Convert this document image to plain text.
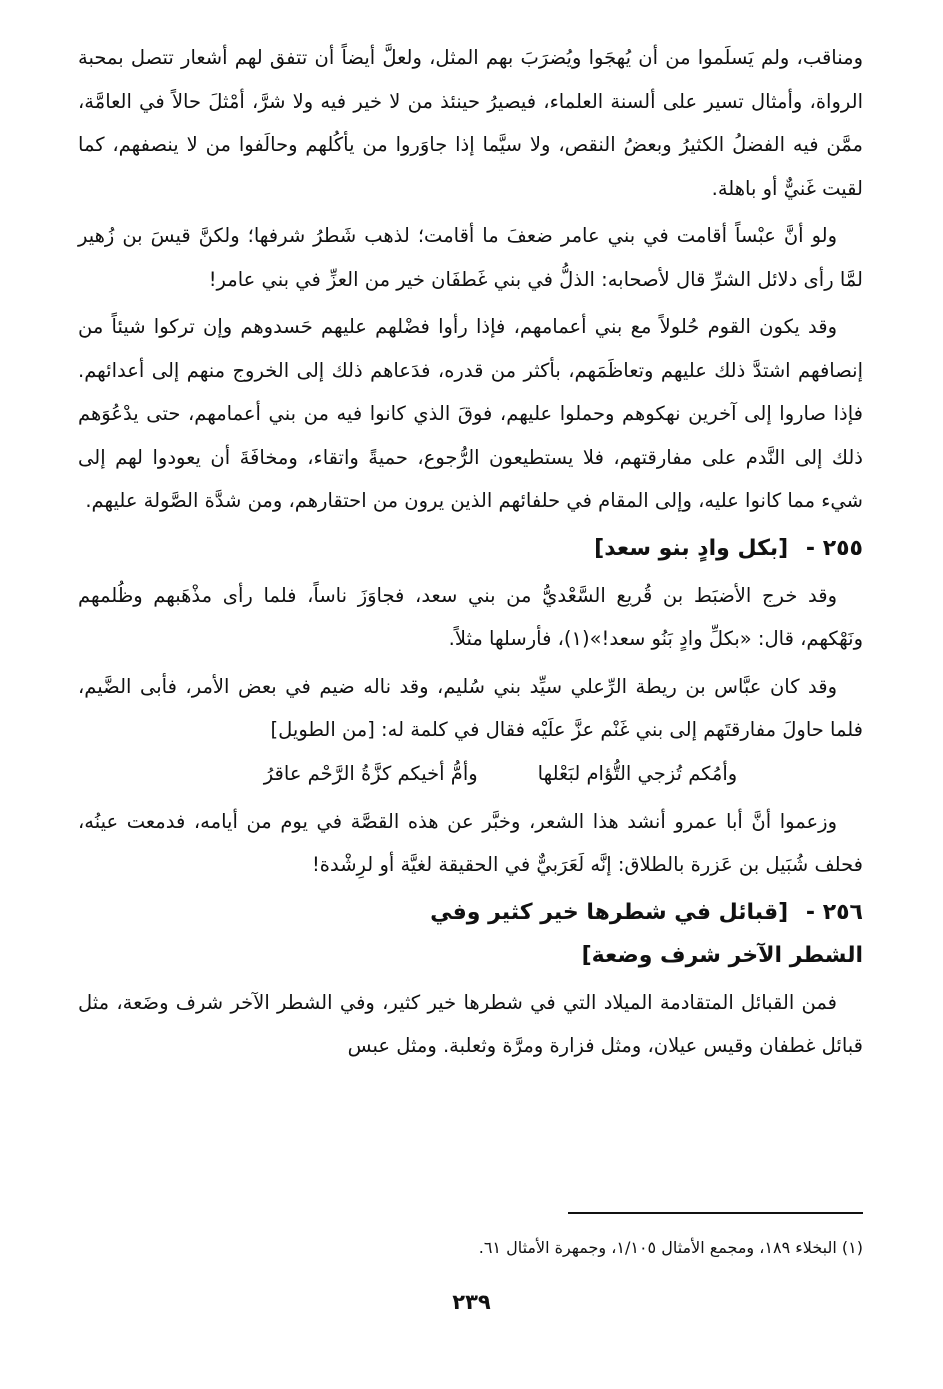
ومناقب، ولم يَسلَموا من أن يُهجَوا ويُضرَبَ بهم المثل، ولعلَّ أيضاً أن تتفق لهم أشعار تتصل بمحبة الرواة، وأمثال تسير على ألسنة العلماء، فيصيرُ حينئذ من لا خير فيه ولا شرَّ، أمْثلَ حالاً في العامَّة، ممَّن فيه الفضلُ الكثيرُ وبعضُ النقص، ولا سيَّما إذا جاوَروا من يأكُلهم وحالَفوا من لا ينصفهم، كما لقيت غَنيٌّ أو باهلة.

ولو أنَّ عبْساً أقامت في بني عامر ضعفَ ما أقامت؛ لذهب شَطرُ شرفها؛ ولكنَّ قيسَ بن زُهير لمَّا رأى دلائل الشرِّ قال لأصحابه: الذلُّ في بني غَطفَان خير من العزِّ في بني عامر!

وقد يكون القوم حُلولاً مع بني أعمامهم، فإذا رأوا فضْلهم عليهم حَسدوهم وإن تركوا شيئاً من إنصافهم اشتدَّ ذلك عليهم وتعاظَمَهم، بأكثر من قدره، فدَعاهم ذلك إلى الخروج منهم إلى أعدائهم. فإذا صاروا إلى آخرين نهكوهم وحملوا عليهم، فوقَ الذي كانوا فيه من بني أعمامهم، حتى يدْعُوَهم ذلك إلى النَّدم على مفارقتهم، فلا يستطيعون الرُّجوع، حميةً واتقاء، ومخافَةَ أن يعودوا لهم إلى شيء مما كانوا عليه، وإلى المقام في حلفائهم الذين يرون من احتقارهم، ومن شدَّة الصَّولة عليهم.

٢٥٥ - [بكل وادٍ بنو سعد]

وقد خرج الأضبَط بن قُريع السَّعْديُّ من بني سعد، فجاوَزَ ناساً، فلما رأى مذْهَبهم وظُلمهم ونَهْكهم، قال: «بكلِّ وادٍ بَنُو سعد!»(١)، فأرسلها مثلاً.

وقد كان عبَّاس بن ريطة الرِّعلي سيِّد بني سُليم، وقد ناله ضيم في بعض الأمر، فأبى الضَّيم، فلما حاولَ مفارقتَهم إلى بني غَنْم عزَّ علَيْه فقال في كلمة له: [من الطويل]

وأمُكم تُزجي التُّؤام لبَعْلها
وأمُّ أخيكم كزَّةُ الرَّحْم عاقرُ

وزعموا أنَّ أبا عمرو أنشد هذا الشعر، وخبَّر عن هذه القصَّة في يوم من أيامه، فدمعت عينُه، فحلف شُبَيل بن عَزرة بالطلاق: إنَّه لَعَرَبيٌّ في الحقيقة لغيَّة أو لرِشْدة!

٢٥٦ - [قبائل في شطرها خير كثير وفي
الشطر الآخر شرف وضعة]

فمن القبائل المتقادمة الميلاد التي في شطرها خير كثير، وفي الشطر الآخر شرف وضَعة، مثل قبائل غطفان وقيس عيلان، ومثل فزارة ومرَّة وثعلبة. ومثل عبس

(١) البخلاء ١٨٩، ومجمع الأمثال ١/١٠٥، وجمهرة الأمثال ٦١.
٢٣٩
